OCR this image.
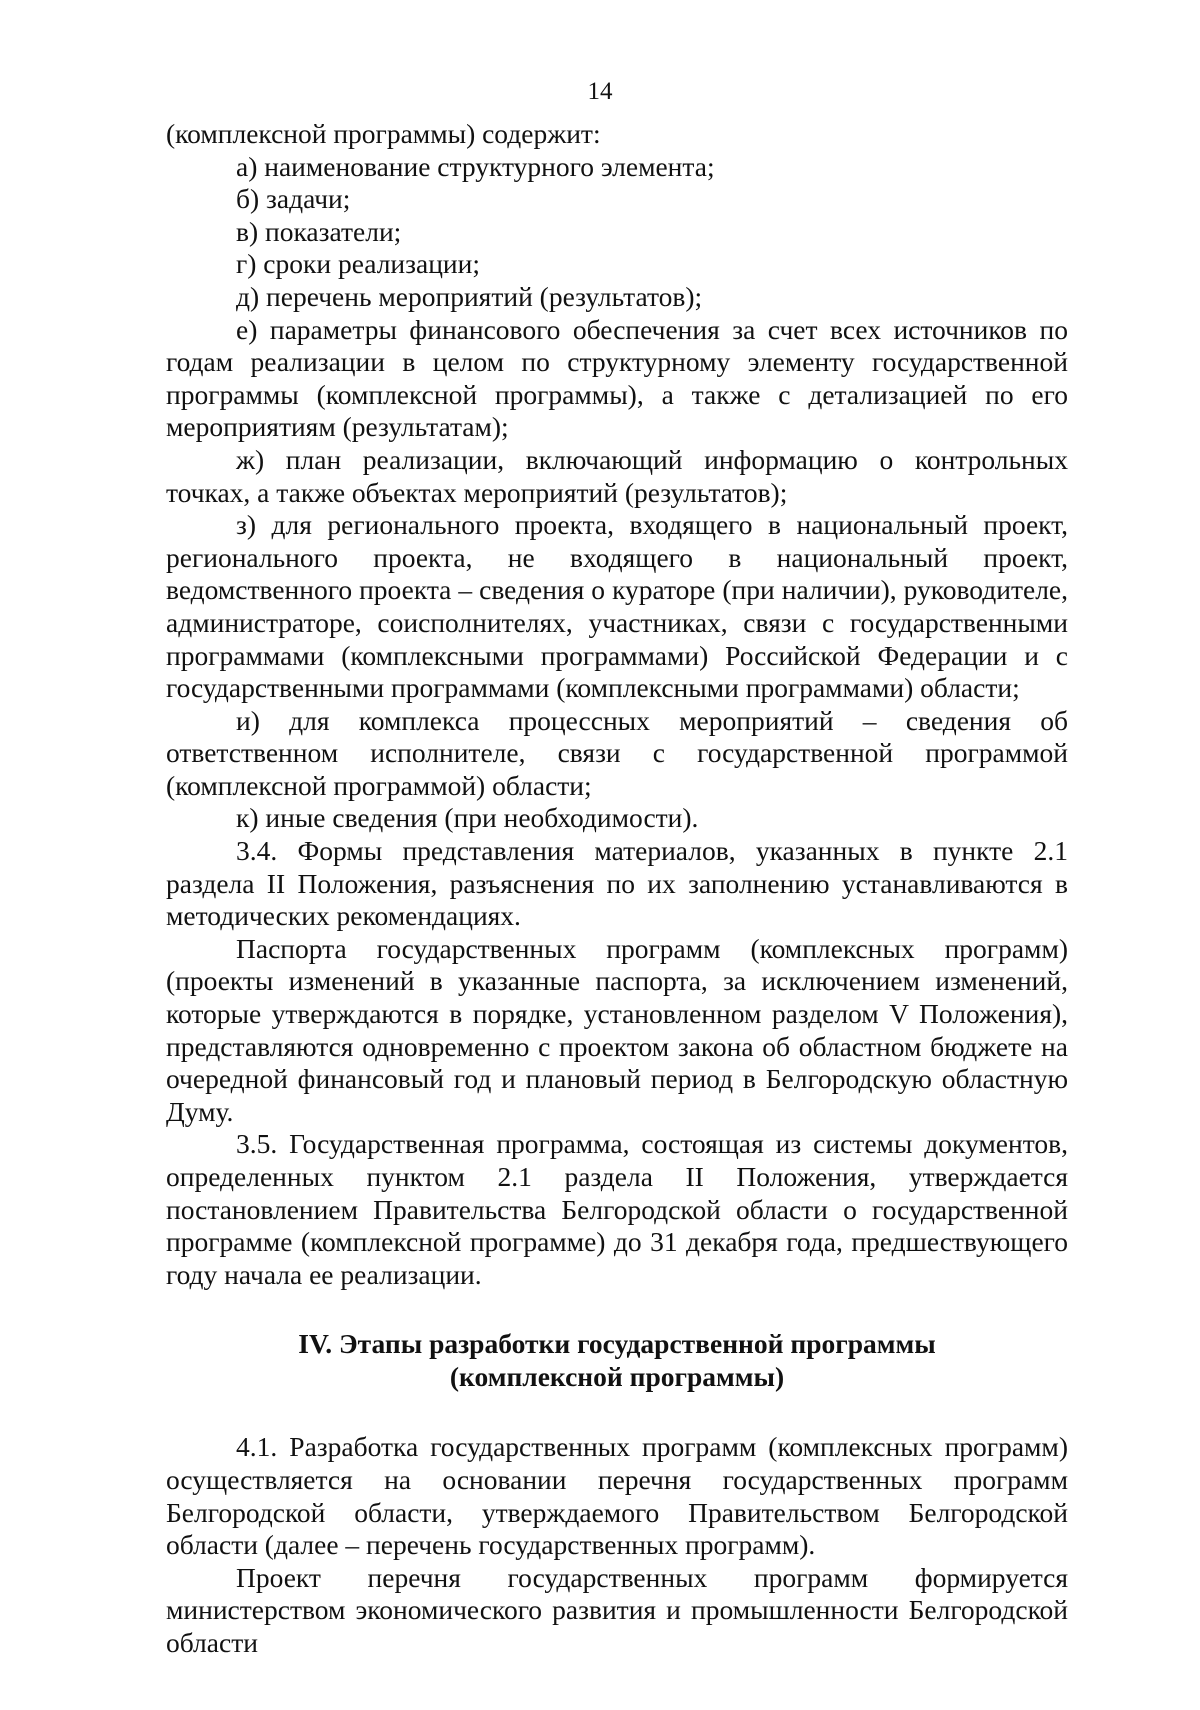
14

(комплексной программы) содержит:

а) наименование структурного элемента;

б) задачи;

в) показатели;

г) сроки реализации;

д) перечень мероприятий (результатов);

е) параметры финансового обеспечения за счет всех источников по годам реализации в целом по структурному элементу государственной программы (комплексной программы), а также с детализацией по его мероприятиям (результатам);

ж) план реализации, включающий информацию о контрольных точках, а также объектах мероприятий (результатов);

з) для регионального проекта, входящего в национальный проект, регионального проекта, не входящего в национальный проект, ведомственного проекта – сведения о кураторе (при наличии), руководителе, администраторе, соисполнителях, участниках, связи с государственными программами (комплексными программами) Российской Федерации и с государственными программами (комплексными программами) области;

и) для комплекса процессных мероприятий – сведения об ответственном исполнителе, связи с государственной программой (комплексной программой) области;

к) иные сведения (при необходимости).

3.4. Формы представления материалов, указанных в пункте 2.1 раздела II Положения, разъяснения по их заполнению устанавливаются в методических рекомендациях.

Паспорта государственных программ (комплексных программ) (проекты изменений в указанные паспорта, за исключением изменений, которые утверждаются в порядке, установленном разделом V Положения), представляются одновременно с проектом закона об областном бюджете на очередной финансовый год и плановый период в Белгородскую областную Думу.

3.5. Государственная программа, состоящая из системы документов, определенных пунктом 2.1 раздела II Положения, утверждается постановлением Правительства Белгородской области о государственной программе (комплексной программе) до 31 декабря года, предшествующего году начала ее реализации.

IV. Этапы разработки государственной программы
(комплексной программы)

4.1. Разработка государственных программ (комплексных программ) осуществляется на основании перечня государственных программ Белгородской области, утверждаемого Правительством Белгородской области (далее – перечень государственных программ).

Проект перечня государственных программ формируется министерством экономического развития и промышленности Белгородской области
